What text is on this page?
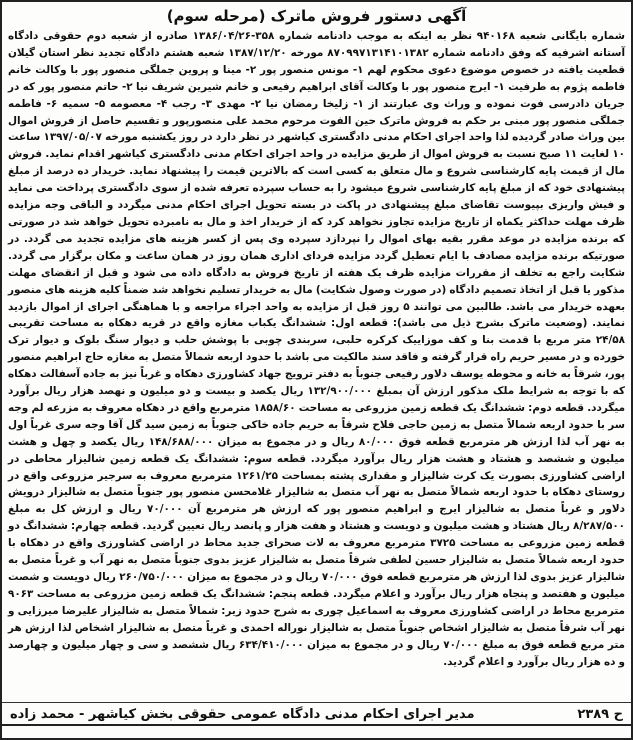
آگهی دستور فروش ماترک (مرحله سوم)

شماره بایگانی شعبه ۹۴۰۱۶۸ نظر به اینکه به موجب دادنامه شماره ۳۵۸-۱۳۸۶/۰۴/۲۶ صادره از شعبه دوم حقوقی دادگاه آستانه اشرفیه که وفق دادنامه شماره ۸۷۰۹۹۷۱۳۱۴۱۰۱۳۸۲ مورخه ۱۳۸۷/۱۲/۲۰ شعبه هشتم دادگاه تجدید نظر استان گیلان قطعیت یافته در خصوص موضوع دعوی محکوم لهم ۱- مونس منصور پور ۲- مینا و پروین جملگی منصور پور با وکالت خانم فاطمه پژوم به طرفیت ۱- ایرج منصور پور با وکالت آقای ابراهیم رفیعی و خانم شیرین شریف نیا ۲- حاتم منصور پور که در جریان دادرسی فوت نموده و وراث وی عبارتند از ۱- زلیخا رمضان نیا ۲- مهدی ۳- رجب ۴- معصومه ۵- سمیه ۶- فاطمه جملگی منصور پور مبنی بر حکم به فروش ماترک حین الفوت مرحوم محمد علی منصورپور و تقسیم حاصل از فروش اموال بین وراث صادر گردیده لذا واحد اجرای احکام مدنی دادگستری کیاشهر در نظر دارد در روز یکشنبه مورخه ۱۳۹۷/۰۵/۰۷ ساعت ۱۰ لغایت ۱۱ صبح نسبت به فروش اموال از طریق مزایده در واحد اجرای احکام مدنی دادگستری کیاشهر اقدام نماید. فروش مال از قیمت پایه کارشناسی شروع و مال متعلق به کسی است که بالاترین قیمت را پیشنهاد نماید. خریدار ده درصد از مبلغ پیشنهادی خود که از مبلغ پایه کارشناسی شروع میشود را به حساب سپرده تعرفه شده از سوی دادگستری پرداخت می نماید و فیش واریزی بپیوست تقاضای مبلغ پیشنهادی در پاکت در بسته تحویل اجرای احکام مدنی میگردد و الباقی وجه مزایده ظرف مهلت حداکثر یکماه از تاریخ مزایده تجاوز نخواهد کرد که از خریدار اخذ و مال به نامبرده تحویل خواهد شد در صورتی که برنده مزایده در موعد مقرر بقیه بهای اموال را نپردازد سپرده وی پس از کسر هزینه های مزایده تجدید می گردد. در صورتیکه برنده مزایده مصادف با ایام تعطیل گردد مزایده فردای اداری همان روز در همان ساعت و مکان برگزار می گردد. شکایت راجع به تخلف از مقررات مزایده ظرف یک هفته از تاریخ فروش به دادگاه داده می شود و قبل از انقضای مهلت مذکور یا قبل از اتخاذ تصمیم دادگاه (در صورت وصول شکایت) مال به خریدار تسلیم نخواهد شد ضمناً کلیه هزینه های منصور بعهده خریدار می باشد. طالبین می توانند ۵ روز قبل از مزایده به واحد اجراء مراجعه و با هماهنگی اجرای از اموال بازدید نمایند. (وضعیت ماترک بشرح ذیل می باشد): قطعه اول: ششدانگ یکباب مغازه واقع در قریه دهکاه به مساحت تقریبی ۲۴/۵۸ متر مربع با قدمت بنا و کف موزاییک کرکره حلبی، سربندی چوبی با پوشش حلب و دیوار سنگ بلوک و دیوار ترک خورده و در مسیر حریم راه قرار گرفته و فاقد سند مالکیت می باشد با حدود اربعه شمالاً متصل به مغازه حاج ابراهیم منصور پور، شرقاً به خانه و محوطه یوسف دلاور رفیعی جنوباً به دفتر ترویج جهاد کشاورزی دهکاه و غرباً نیز به جاده آسفالت دهکاه که با توجه به شرایط ملک مذکور ارزش آن بمبلغ ۱۳۲/۹۰۰/۰۰۰ ریال یکصد و بیست و دو میلیون و نهصد هزار ریال برآورد میگردد. قطعه دوم: ششدانگ یک قطعه زمین مزروعی به مساحت ۱۸۵۸/۶۰ مترمربع واقع در دهکاه معروف به مزرعه لم وجه سر با حدود اربعه شمالاً متصل به زمین حاجی فلاح شرقاً به حریم جاده خاکی جنوباً به زمین سید گل آقا وجه سری غرباً اول به نهر آب لذا ارزش هر مترمربع قطعه فوق ۸۰/۰۰۰ ریال و در مجموع به میزان ۱۴۸/۶۸۸/۰۰۰ ریال یکصد و چهل و هشت میلیون و ششصد و هشتاد و هشت هزار ریال برآورد میگردد. قطعه سوم: ششدانگ یک قطعه زمین شالیزار محاطی در اراضی کشاورزی بصورت یک کرت شالیزار و مقداری پشته بمساحت ۱۲۶۱/۲۵ مترمربع معروف به سرجیر مزروعی واقع در روستای دهکاه با حدود اربعه شمالاً متصل به نهر آب متصل به شالیزار غلامحسن منصور پور جنوباً متصل به شالیزار درویش دلاور و غرباً متصل به شالیزار ایرج و ابراهیم منصور پور که ارزش هر مترمربع آن ۷۰/۰۰۰ ریال و ارزش کل به مبلغ ۸/۲۸۷/۵۰۰ ریال هشتاد و هشت میلیون و دویست و هشتاد و هفت هزار و پانصد ریال تعیین گردید. قطعه چهارم: ششدانگ دو قطعه زمین مزروعی به مساحت ۳۷۲۵ مترمربع معروف به لات صحرای جدید محاط در اراضی کشاورزی واقع در دهکاه با حدود اربعه شمالاً متصل به شالیزار حسین لطفی شرقاً متصل به شالیزار عزیز بدوی جنوباً متصل به نهر آب و غرباً متصل به شالیزار عزیز بدوی لذا ارزش هر مترمربع قطعه فوق ۷۰/۰۰۰ ریال و در مجموع به میزان ۲۶۰/۷۵۰/۰۰۰ ریال دویست و شصت میلیون و هفتصد و پنجاه هزار ریال برآورد و اعلام میگردد. قطعه پنجم: ششدانگ یک قطعه زمین مزروعی به مساحت ۹۰۶۳ مترمربع محاط در اراضی کشاورزی معروف به اسماعیل چوری به شرح حدود زیر: شمالاً متصل به شالیزار علیرضا میرزایی و نهر آب شرقاً متصل به شالیزار اشخاص جنوباً متصل به شالیزار نوراله احمدی و غرباً متصل به شالیزار اشخاص لذا ارزش هر متر مربع قطعه فوق به مبلغ ۷۰/۰۰۰ ریال و در مجموع به میزان ۶۳۴/۴۱۰/۰۰۰ ریال ششصد و سی و چهار میلیون و چهارصد و ده هزار ریال برآورد و اعلام گردید.

ح ۲۳۸۹
مدیر اجرای احکام مدنی دادگاه عمومی حقوقی بخش کیاشهر - محمد زاده
